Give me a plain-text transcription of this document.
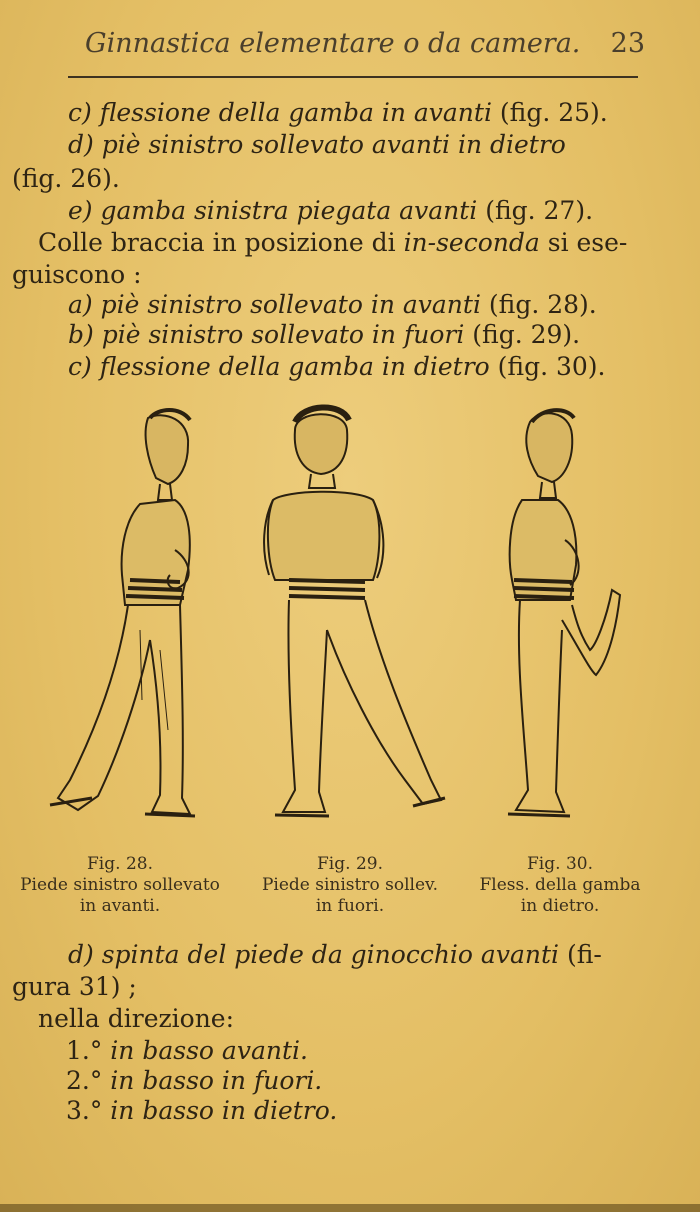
Ginnastica elementare o da camera. 23
c) flessione della gamba in avanti (fig. 25).
d) piè sinistro sollevato avanti in dietro
(fig. 26).
e) gamba sinistra piegata avanti (fig. 27).
Colle braccia in posizione di in-seconda si ese-
guiscono :
a) piè sinistro sollevato in avanti (fig. 28).
b) piè sinistro sollevato in fuori (fig. 29).
c) flessione della gamba in dietro (fig. 30).
Fig. 28.
Piede sinistro sollevato
in avanti.
Fig. 29.
Piede sinistro sollev.
in fuori.
Fig. 30.
Fless. della gamba
in dietro.
d) spinta del piede da ginocchio avanti (fi-
gura 31) ;
nella direzione:
1.° in basso avanti.
2.° in basso in fuori.
3.° in basso in dietro.
